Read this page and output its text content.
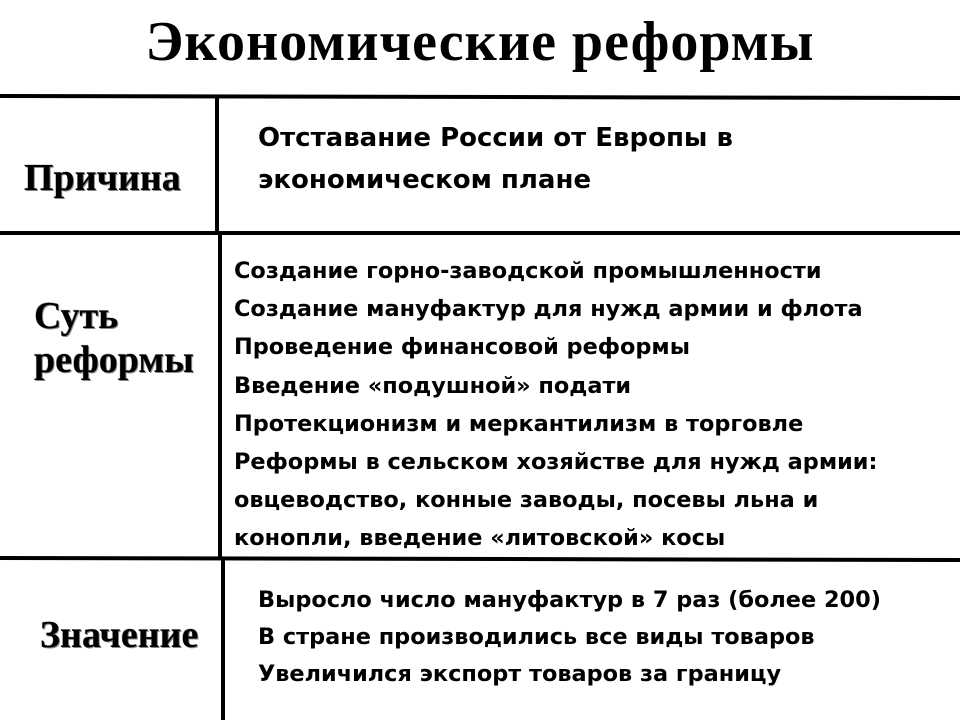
Экономические реформы

Причина

Отставание России от Европы в экономическом плане

Суть
реформы

Создание горно-заводской промышленности
Создание мануфактур для нужд армии и флота
Проведение финансовой реформы
Введение «подушной» подати
Протекционизм и меркантилизм в торговле
Реформы в сельском хозяйстве для нужд армии:
овцеводство, конные заводы, посевы льна и
конопли, введение «литовской» косы

Значение

Выросло число мануфактур в 7 раз (более 200)
В стране производились все виды товаров
Увеличился экспорт товаров за границу
